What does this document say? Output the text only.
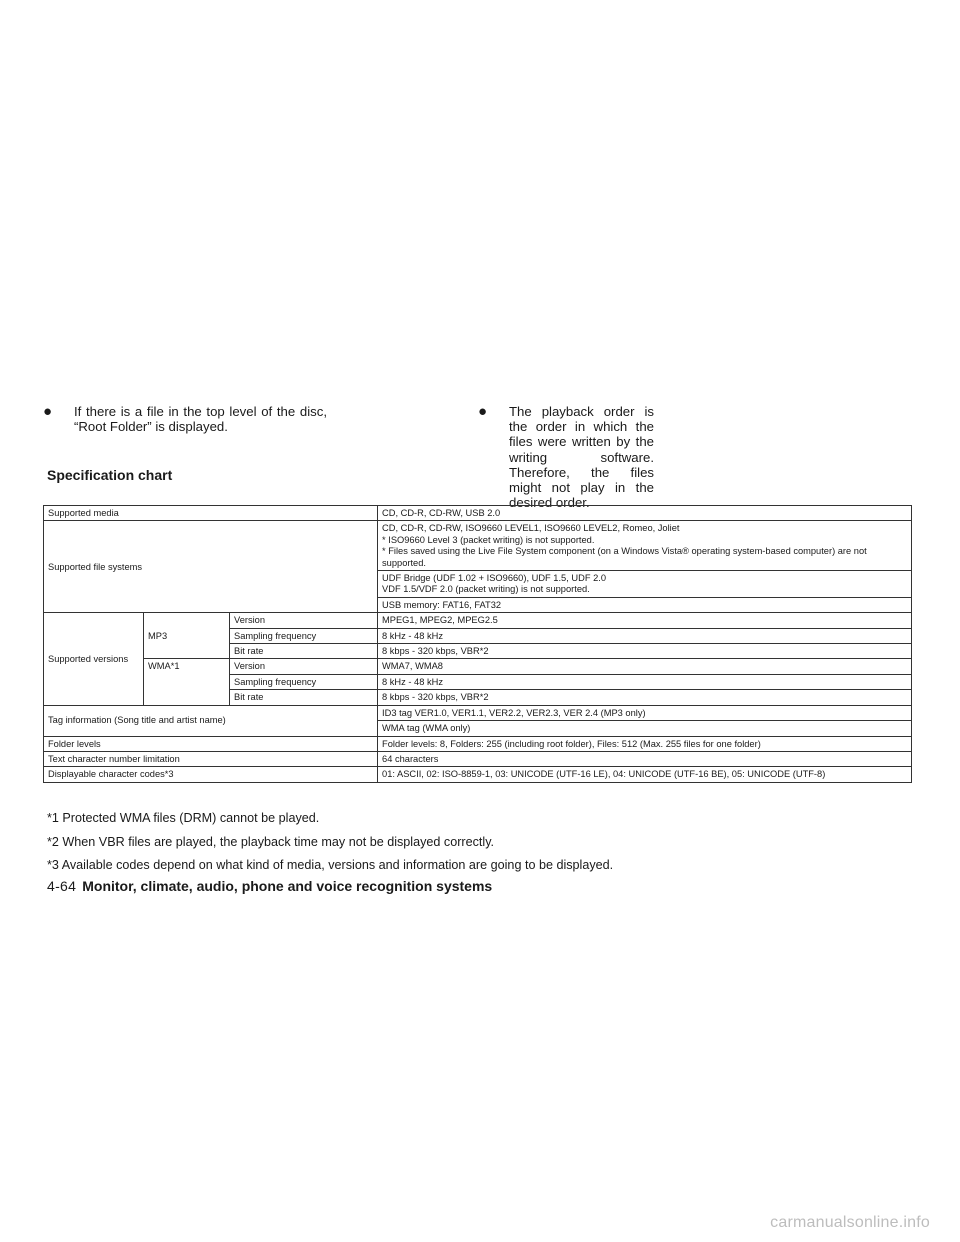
●	If there is a file in the top level of the disc, “Root Folder” is displayed.
●	The playback order is the order in which the files were written by the writing software. Therefore, the files might not play in the desired order.
Specification chart
Supported media			CD, CD-R, CD-RW, USB 2.0
Supported file systems			CD, CD-R, CD-RW, ISO9660 LEVEL1, ISO9660 LEVEL2, Romeo, Joliet
* ISO9660 Level 3 (packet writing) is not supported.
* Files saved using the Live File System component (on a Windows Vista® operating system-based computer) are not supported.

			UDF Bridge (UDF 1.02 + ISO9660), UDF 1.5, UDF 2.0
VDF 1.5/VDF 2.0 (packet writing) is not supported.

			USB memory: FAT16, FAT32
Supported versions	MP3	Version	MPEG1, MPEG2, MPEG2.5
		Sampling frequency	8 kHz - 48 kHz
		Bit rate	8 kbps - 320 kbps, VBR*2
	WMA*1	Version	WMA7, WMA8
		Sampling frequency	8 kHz - 48 kHz
		Bit rate	8 kbps - 320 kbps, VBR*2
Tag information (Song title and artist name)			ID3 tag VER1.0, VER1.1, VER2.2, VER2.3, VER 2.4 (MP3 only)
			WMA tag (WMA only)
Folder levels			Folder levels: 8, Folders: 255 (including root folder), Files: 512 (Max. 255 files for one folder)
Text character number limitation			64 characters
Displayable character codes*3			01: ASCII, 02: ISO-8859-1, 03: UNICODE (UTF-16 LE), 04: UNICODE (UTF-16 BE), 05: UNICODE (UTF-8)

*1 Protected WMA files (DRM) cannot be played.

*2 When VBR files are played, the playback time may not be displayed correctly.

*3 Available codes depend on what kind of media, versions and information are going to be displayed.

4-64 Monitor, climate, audio, phone and voice recognition systems
carmanualsonline.info
